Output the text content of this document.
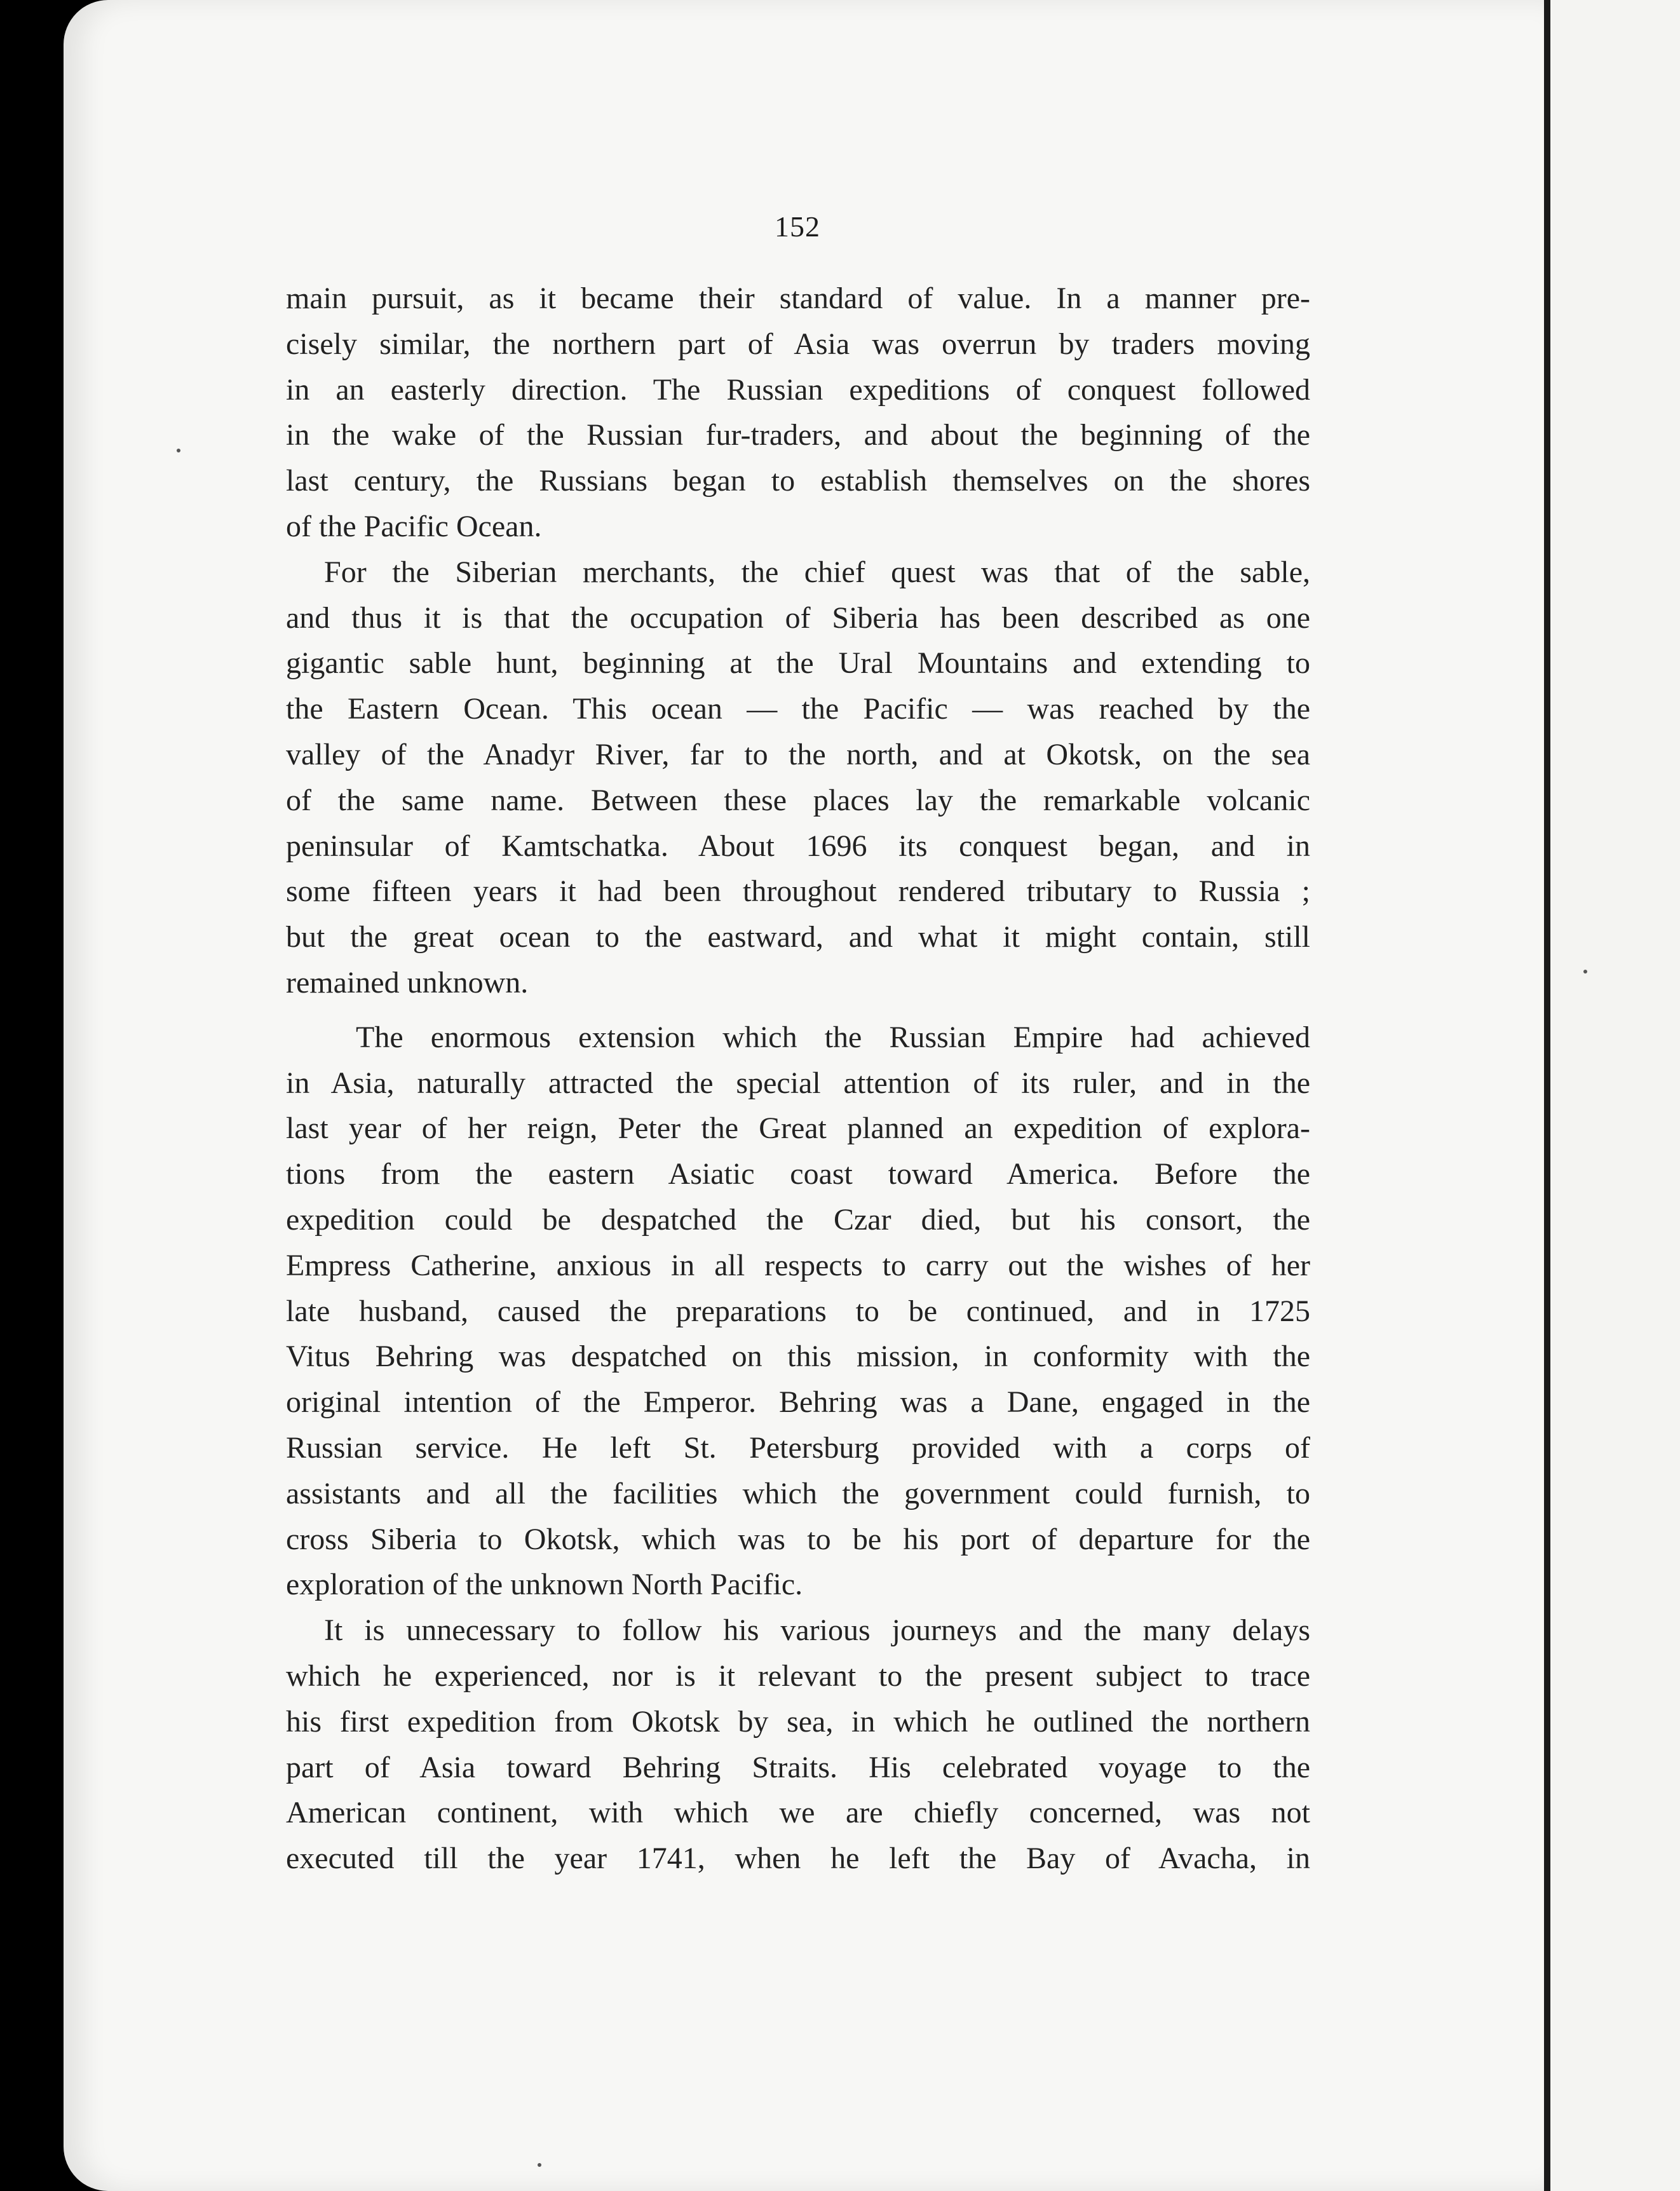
152
main pursuit, as it became their standard of value. In a manner pre-
cisely similar, the northern part of Asia was overrun by traders moving
in an easterly direction. The Russian expeditions of conquest followed
in the wake of the Russian fur-traders, and about the beginning of the
last century, the Russians began to establish themselves on the shores
of the Pacific Ocean.
For the Siberian merchants, the chief quest was that of the sable,
and thus it is that the occupation of Siberia has been described as one
gigantic sable hunt, beginning at the Ural Mountains and extending to
the Eastern Ocean. This ocean — the Pacific — was reached by the
valley of the Anadyr River, far to the north, and at Okotsk, on the sea
of the same name. Between these places lay the remarkable volcanic
peninsular of Kamtschatka. About 1696 its conquest began, and in
some fifteen years it had been throughout rendered tributary to Russia ;
but the great ocean to the eastward, and what it might contain, still
remained unknown.
The enormous extension which the Russian Empire had achieved
in Asia, naturally attracted the special attention of its ruler, and in the
last year of her reign, Peter the Great planned an expedition of explora-
tions from the eastern Asiatic coast toward America. Before the
expedition could be despatched the Czar died, but his consort, the
Empress Catherine, anxious in all respects to carry out the wishes of her
late husband, caused the preparations to be continued, and in 1725
Vitus Behring was despatched on this mission, in conformity with the
original intention of the Emperor. Behring was a Dane, engaged in the
Russian service. He left St. Petersburg provided with a corps of
assistants and all the facilities which the government could furnish, to
cross Siberia to Okotsk, which was to be his port of departure for the
exploration of the unknown North Pacific.
It is unnecessary to follow his various journeys and the many delays
which he experienced, nor is it relevant to the present subject to trace
his first expedition from Okotsk by sea, in which he outlined the northern
part of Asia toward Behring Straits. His celebrated voyage to the
American continent, with which we are chiefly concerned, was not
executed till the year 1741, when he left the Bay of Avacha, in
